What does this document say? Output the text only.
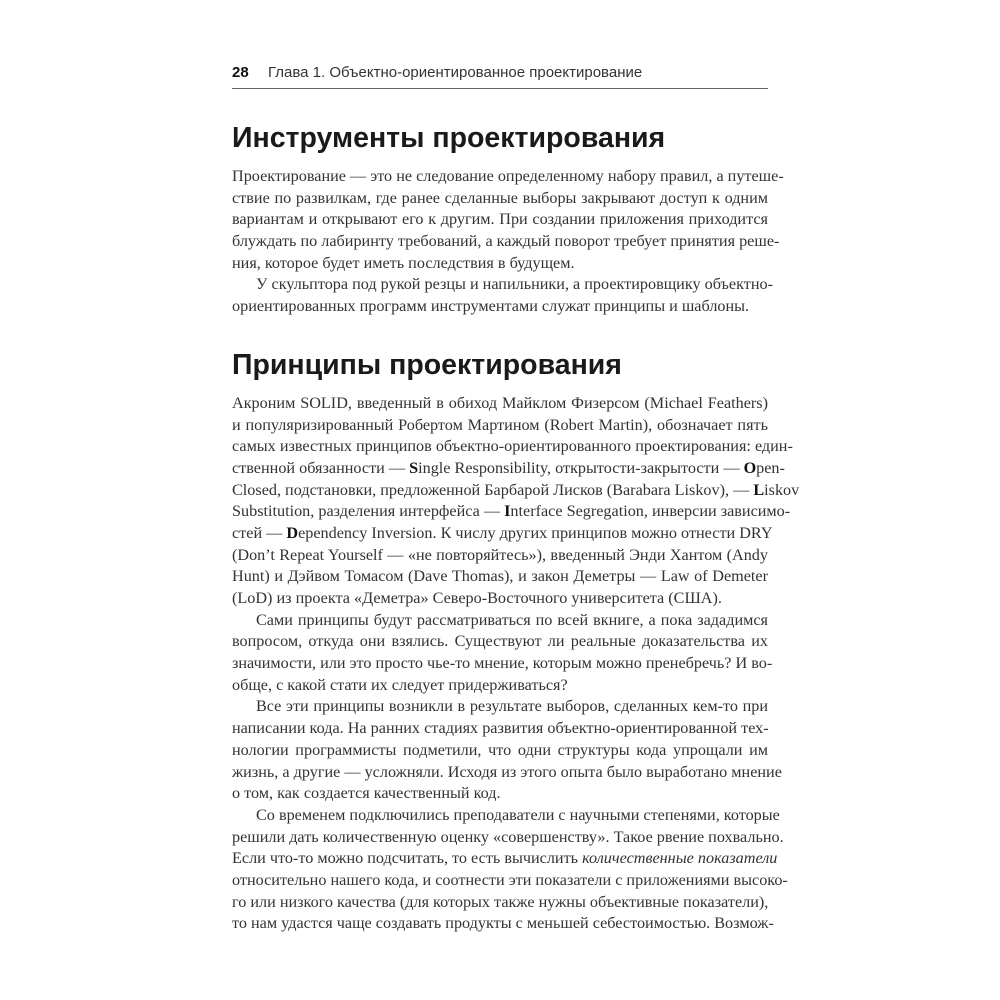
28 Глава 1. Объектно-ориентированное проектирование
Инструменты проектирования
Проектирование — это не следование определенному набору правил, а путеше-
ствие по развилкам, где ранее сделанные выборы закрывают доступ к одним
вариантам и открывают его к другим. При создании приложения приходится
блуждать по лабиринту требований, а каждый поворот требует принятия реше-
ния, которое будет иметь последствия в будущем.
У скульптора под рукой резцы и напильники, а проектировщику объектно-
ориентированных программ инструментами служат принципы и шаблоны.
Принципы проектирования
Акроним SOLID, введенный в обиход Майклом Физерсом (Michael Feathers)
и популяризированный Робертом Мартином (Robert Martin), обозначает пять
самых известных принципов объектно-ориентированного проектирования: един-
ственной обязанности — Single Responsibility, открытости-закрытости — Open-
Closed, подстановки, предложенной Барбарой Лисков (Barabara Liskov), — Liskov
Substitution, разделения интерфейса — Interface Segregation, инверсии зависимо-
стей — Dependency Inversion. К числу других принципов можно отнести DRY
(Don’t Repeat Yourself — «не повторяйтесь»), введенный Энди Хантом (Andy
Hunt) и Дэйвом Томасом (Dave Thomas), и закон Деметры — Law of Demeter
(LoD) из проекта «Деметра» Северо-Восточного университета (США).
Сами принципы будут рассматриваться по всей вкниге, а пока зададимся
вопросом, откуда они взялись. Существуют ли реальные доказательства их
значимости, или это просто чье-то мнение, которым можно пренебречь? И во-
обще, с какой стати их следует придерживаться?
Все эти принципы возникли в результате выборов, сделанных кем-то при
написании кода. На ранних стадиях развития объектно-ориентированной тех-
нологии программисты подметили, что одни структуры кода упрощали им
жизнь, а другие — усложняли. Исходя из этого опыта было выработано мнение
о том, как создается качественный код.
Со временем подключились преподаватели с научными степенями, которые
решили дать количественную оценку «совершенству». Такое рвение похвально.
Если что-то можно подсчитать, то есть вычислить количественные показатели
относительно нашего кода, и соотнести эти показатели с приложениями высоко-
го или низкого качества (для которых также нужны объективные показатели),
то нам удастся чаще создавать продукты с меньшей себестоимостью. Возмож-
